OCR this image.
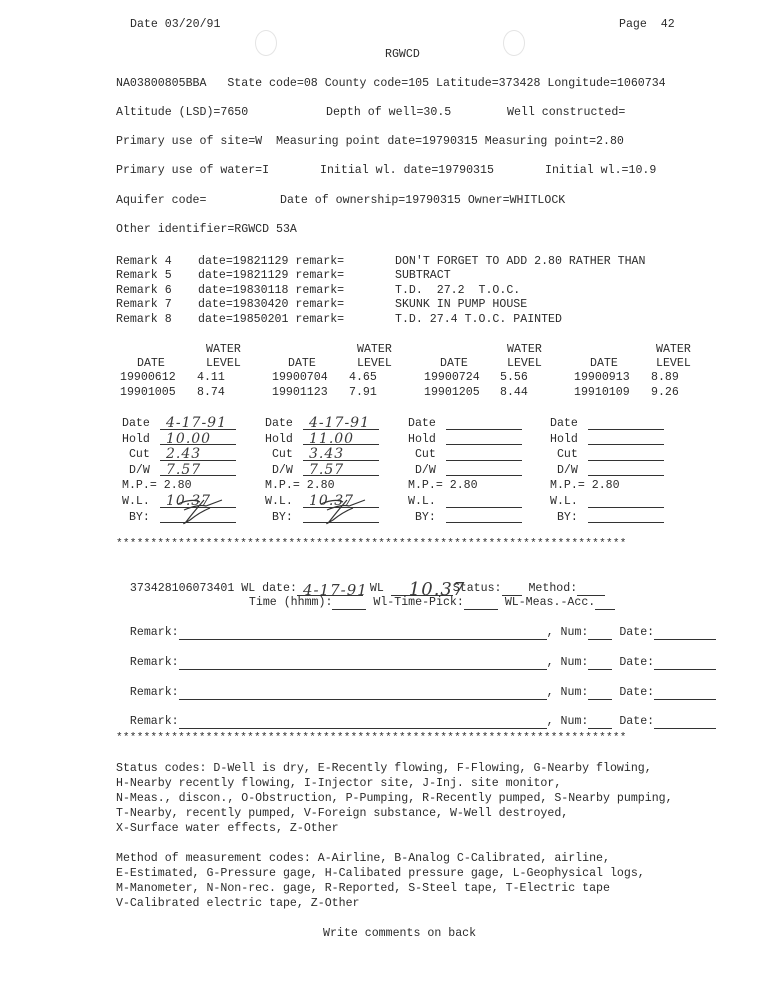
Date 03/20/91	Page  42
RGWCD
NA03800805BBA   State code=08 County code=105 Latitude=373428 Longitude=1060734
Altitude (LSD)=7650	Depth of well=30.5	Well constructed=
Primary use of site=W  Measuring point date=19790315 Measuring point=2.80
Primary use of water=I	Initial wl. date=19790315	Initial wl.=10.9
Aquifer code=	Date of ownership=19790315 Owner=WHITLOCK
Other identifier=RGWCD 53A
Remark 4 date=19821129 remark=	DON'T FORGET TO ADD 2.80 RATHER THAN
Remark 5 date=19821129 remark=	SUBTRACT
Remark 6 date=19830118 remark=	T.D.  27.2  T.O.C.
Remark 7 date=19830420 remark=	SKUNK IN PUMP HOUSE
Remark 8 date=19850201 remark=	T.D. 27.4 T.O.C. PAINTED
WATER	WATER	WATER	WATER
DATE	LEVEL	DATE	LEVEL	DATE	LEVEL	DATE	LEVEL
19900612 4.11	19900704 4.65	19900724 5.56	19900913 8.89
19901005 8.74	19901123 7.91	19901205 8.44	19910109 9.26
Date 4-17-91
Hold 10.00
Cut 2.43
D/W 7.57
M.P.= 2.80
W.L. 10.37
BY:

Date 4-17-91
Hold 11.00
Cut 3.43
D/W 7.57
M.P.= 2.80
W.L. 10.37
BY:

Date
Hold
Cut
D/W
M.P.= 2.80
W.L.
BY:
Date
Hold
Cut
D/W
M.P.= 2.80
W.L.
BY:
**************************************************************************

373428106073401 WL date: 4-17-91 WL 10.37
Status: Method:

Time (hhmm):	Wl-Time-Pick:	WL-Meas.-Acc.

Remark:	, Num:	Date:

Remark:	, Num:	Date:

Remark:	, Num:	Date:

Remark:	, Num:	Date:

**************************************************************************
Status codes: D-Well is dry, E-Recently flowing, F-Flowing, G-Nearby flowing,
H-Nearby recently flowing, I-Injector site, J-Inj. site monitor,
N-Meas., discon., O-Obstruction, P-Pumping, R-Recently pumped, S-Nearby pumping,
T-Nearby, recently pumped, V-Foreign substance, W-Well destroyed,
X-Surface water effects, Z-Other
Method of measurement codes: A-Airline, B-Analog C-Calibrated, airline,
E-Estimated, G-Pressure gage, H-Calibated pressure gage, L-Geophysical logs,
M-Manometer, N-Non-rec. gage, R-Reported, S-Steel tape, T-Electric tape
V-Calibrated electric tape, Z-Other
Write comments on back
